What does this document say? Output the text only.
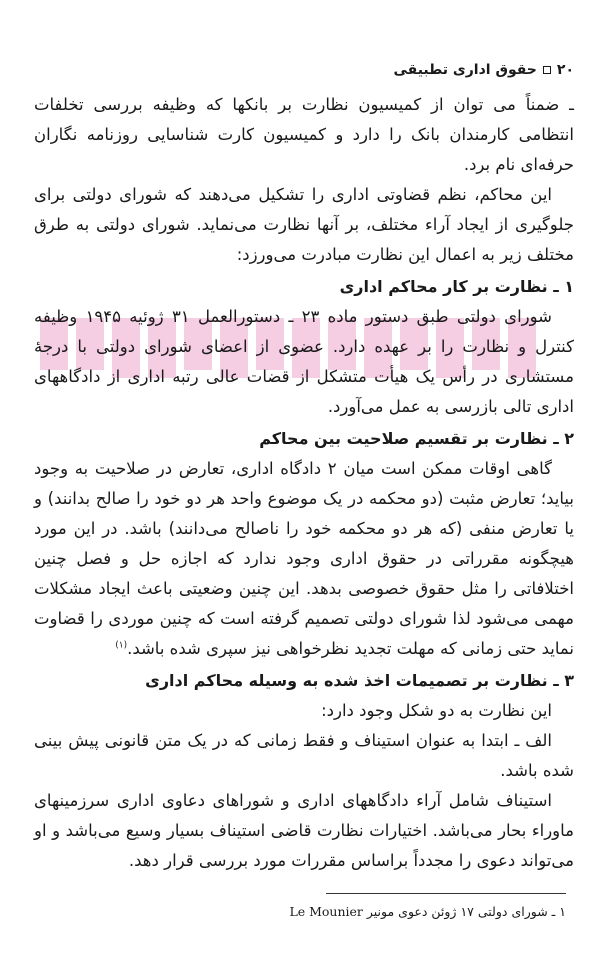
۲۰
حقوق اداری تطبیقی

ـ ضمناً می توان از کمیسیون نظارت بر بانکها که وظیفه بررسی تخلفات انتظامی کارمندان بانک را دارد و کمیسیون کارت شناسایی روزنامه نگاران حرفه‌ای نام برد.

این محاکم، نظم قضاوتی اداری را تشکیل می‌دهند که شورای دولتی برای جلوگیری از ایجاد آراء مختلف، بر آنها نظارت می‌نماید. شورای دولتی به طرق مختلف زیر به اعمال این نظارت مبادرت می‌ورزد:

۱ ـ نظارت بر کار محاکم اداری

شورای دولتی طبق دستور ماده ۲۳ ـ دستورالعمل ۳۱ ژوئیه ۱۹۴۵ وظیفه کنترل و نظارت را بر عهده دارد. عضوی از اعضای شورای دولتی با درجهٔ مستشاری در رأس یک هیأت متشکل از قضات عالی رتبه اداری از دادگاههای اداری تالی بازرسی به عمل می‌آورد.

۲ ـ نظارت بر تقسیم صلاحیت بین محاکم

گاهی اوقات ممکن است میان ۲ دادگاه اداری، تعارض در صلاحیت به وجود بیاید؛ تعارض مثبت (دو محکمه در یک موضوع واحد هر دو خود را صالح بدانند) و یا تعارض منفی (که هر دو محکمه خود را ناصالح می‌دانند) باشد. در این مورد هیچگونه مقرراتی در حقوق اداری وجود ندارد که اجازه حل و فصل چنین اختلافاتی را مثل حقوق خصوصی بدهد. این چنین وضعیتی باعث ایجاد مشکلات مهمی می‌شود لذا شورای دولتی تصمیم گرفته است که چنین موردی را قضاوت نماید حتی زمانی که مهلت تجدید نظرخواهی نیز سپری شده باشد.$^{(۱)}$

۳ ـ نظارت بر تصمیمات اخذ شده به وسیله محاکم اداری

این نظارت به دو شکل وجود دارد:

الف ـ ابتدا به عنوان استیناف و فقط زمانی که در یک متن قانونی پیش بینی شده باشد.

استیناف شامل آراء دادگاههای اداری و شوراهای دعاوی اداری سرزمینهای ماوراء بحار می‌باشد. اختیارات نظارت قاضی استیناف بسیار وسیع می‌باشد و او می‌تواند دعوی را مجدداً براساس مقررات مورد بررسی قرار دهد.

۱ ـ شورای دولتی ۱۷ ژوئن دعوی مونیر Le Mounier
